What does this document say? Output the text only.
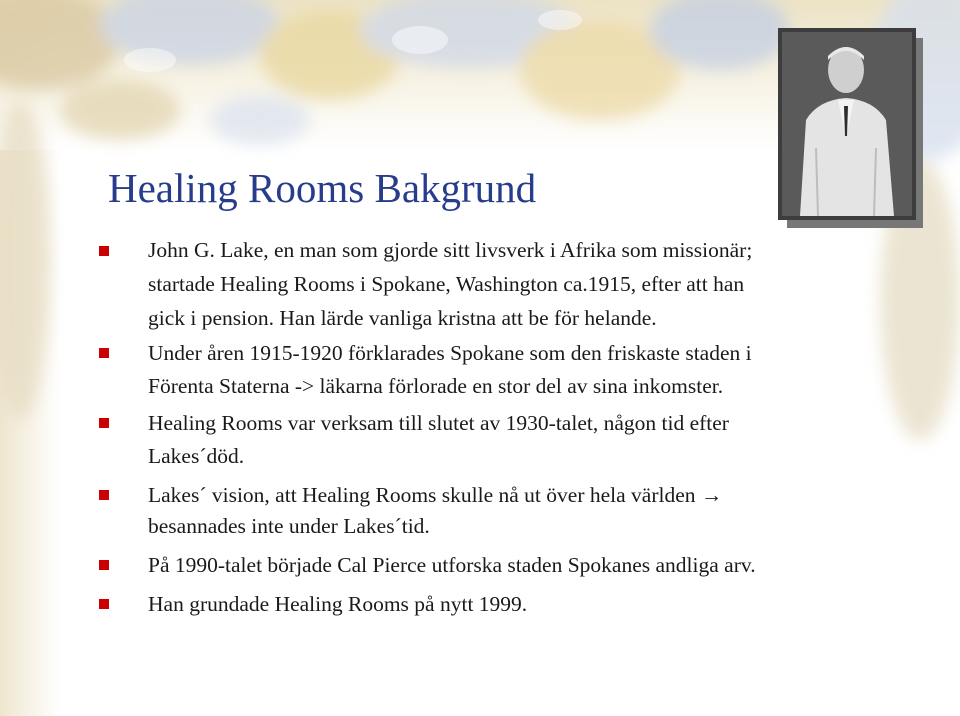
Healing Rooms Bakgrund
John G. Lake, en man som gjorde sitt livsverk i Afrika som missionär;
startade Healing Rooms i Spokane, Washington ca.1915, efter att han
gick i pension. Han lärde vanliga kristna att be för helande.
Under åren 1915-1920 förklarades Spokane som den friskaste staden i
Förenta Staterna -> läkarna förlorade en stor del av sina inkomster.
Healing Rooms var verksam till slutet av 1930-talet, någon tid efter
Lakes´död.
Lakes´ vision, att Healing Rooms skulle nå ut över hela världen →
besannades inte under Lakes´tid.
På 1990-talet började Cal Pierce utforska staden Spokanes andliga arv.
Han grundade Healing Rooms på nytt 1999.
